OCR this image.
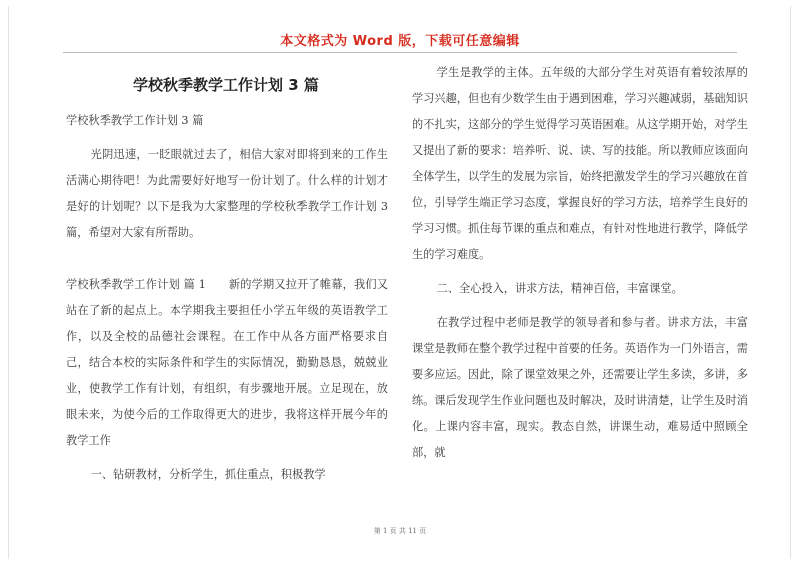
本文格式为 Word 版，下载可任意编辑
学校秋季教学工作计划 3 篇

学校秋季教学工作计划 3 篇

光阴迅速，一眨眼就过去了，相信大家对即将到来的工作生活满心期待吧！为此需要好好地写一份计划了。什么样的计划才是好的计划呢？以下是我为大家整理的学校秋季教学工作计划 3 篇，希望对大家有所帮助。

学校秋季教学工作计划 篇 1　　新的学期又拉开了帷幕，我们又站在了新的起点上。本学期我主要担任小学五年级的英语教学工作，以及全校的品德社会课程。在工作中从各方面严格要求自己，结合本校的实际条件和学生的实际情况，勤勤恳恳，兢兢业业，使教学工作有计划，有组织，有步骤地开展。立足现在，放眼未来，为使今后的工作取得更大的进步，我将这样开展今年的教学工作

一、钻研教材，分析学生，抓住重点，积极教学

学生是教学的主体。五年级的大部分学生对英语有着较浓厚的学习兴趣，但也有少数学生由于遇到困难，学习兴趣减弱，基础知识的不扎实，这部分的学生觉得学习英语困难。从这学期开始，对学生又提出了新的要求：培养听、说、读、写的技能。所以教师应该面向全体学生，以学生的发展为宗旨，始终把激发学生的学习兴趣放在首位，引导学生端正学习态度，掌握良好的学习方法，培养学生良好的学习习惯。抓住每节课的重点和难点，有针对性地进行教学，降低学生的学习难度。

二、全心投入，讲求方法，精神百倍，丰富课堂。

在教学过程中老师是教学的领导者和参与者。讲求方法，丰富课堂是教师在整个教学过程中首要的任务。英语作为一门外语言，需要多应运。因此，除了课堂效果之外，还需要让学生多读，多讲，多练。课后发现学生作业问题也及时解决，及时讲清楚，让学生及时消化。上课内容丰富，现实。教态自然，讲课生动，难易适中照顾全部，就

第 1 页 共 11 页
